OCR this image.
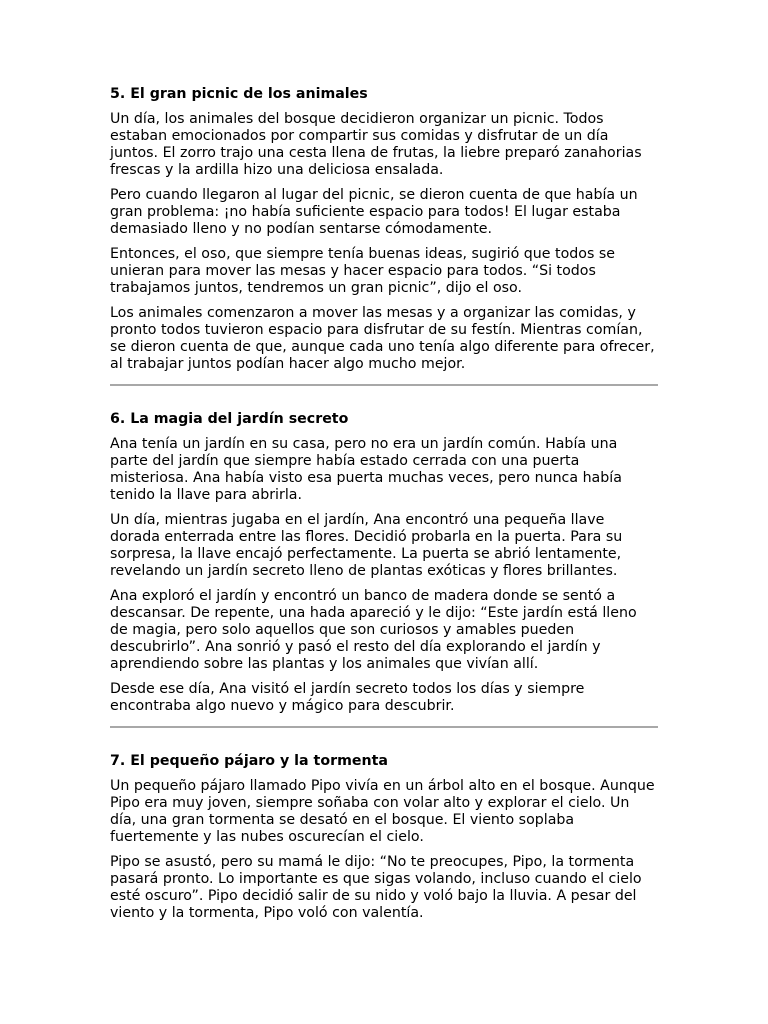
5. El gran picnic de los animales

Un día, los animales del bosque decidieron organizar un picnic. Todos
estaban emocionados por compartir sus comidas y disfrutar de un día
juntos. El zorro trajo una cesta llena de frutas, la liebre preparó zanahorias
frescas y la ardilla hizo una deliciosa ensalada.

Pero cuando llegaron al lugar del picnic, se dieron cuenta de que había un
gran problema: ¡no había suficiente espacio para todos! El lugar estaba
demasiado lleno y no podían sentarse cómodamente.

Entonces, el oso, que siempre tenía buenas ideas, sugirió que todos se
unieran para mover las mesas y hacer espacio para todos. “Si todos
trabajamos juntos, tendremos un gran picnic”, dijo el oso.

Los animales comenzaron a mover las mesas y a organizar las comidas, y
pronto todos tuvieron espacio para disfrutar de su festín. Mientras comían,
se dieron cuenta de que, aunque cada uno tenía algo diferente para ofrecer,
al trabajar juntos podían hacer algo mucho mejor.

6. La magia del jardín secreto

Ana tenía un jardín en su casa, pero no era un jardín común. Había una
parte del jardín que siempre había estado cerrada con una puerta
misteriosa. Ana había visto esa puerta muchas veces, pero nunca había
tenido la llave para abrirla.

Un día, mientras jugaba en el jardín, Ana encontró una pequeña llave
dorada enterrada entre las flores. Decidió probarla en la puerta. Para su
sorpresa, la llave encajó perfectamente. La puerta se abrió lentamente,
revelando un jardín secreto lleno de plantas exóticas y flores brillantes.

Ana exploró el jardín y encontró un banco de madera donde se sentó a
descansar. De repente, una hada apareció y le dijo: “Este jardín está lleno
de magia, pero solo aquellos que son curiosos y amables pueden
descubrirlo”. Ana sonrió y pasó el resto del día explorando el jardín y
aprendiendo sobre las plantas y los animales que vivían allí.

Desde ese día, Ana visitó el jardín secreto todos los días y siempre
encontraba algo nuevo y mágico para descubrir.

7. El pequeño pájaro y la tormenta

Un pequeño pájaro llamado Pipo vivía en un árbol alto en el bosque. Aunque
Pipo era muy joven, siempre soñaba con volar alto y explorar el cielo. Un
día, una gran tormenta se desató en el bosque. El viento soplaba
fuertemente y las nubes oscurecían el cielo.

Pipo se asustó, pero su mamá le dijo: “No te preocupes, Pipo, la tormenta
pasará pronto. Lo importante es que sigas volando, incluso cuando el cielo
esté oscuro”. Pipo decidió salir de su nido y voló bajo la lluvia. A pesar del
viento y la tormenta, Pipo voló con valentía.
